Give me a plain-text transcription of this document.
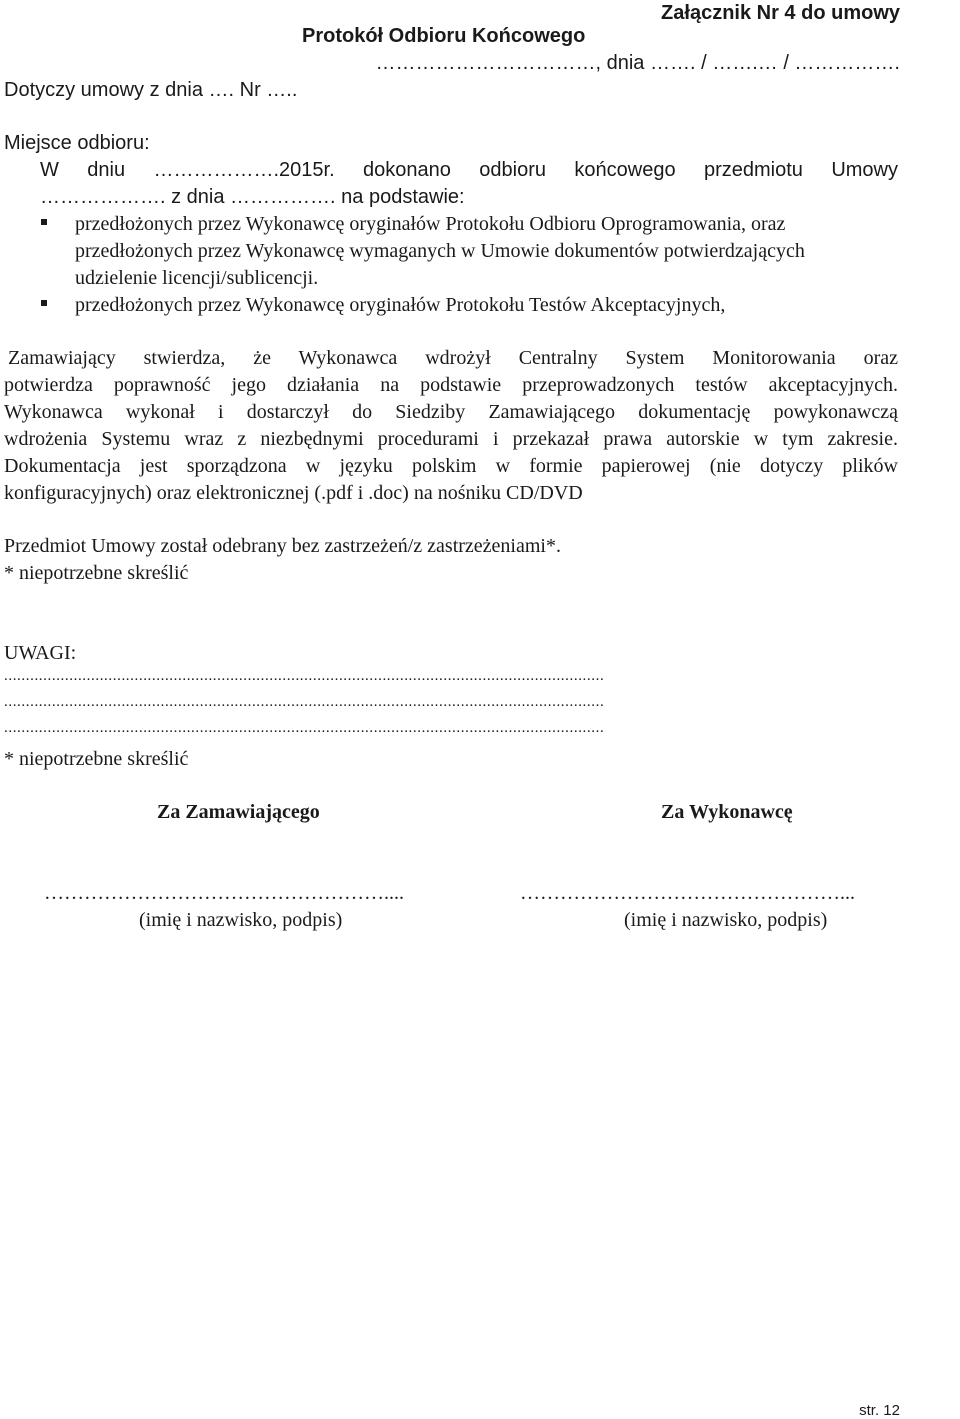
Załącznik Nr 4 do umowy
Protokół Odbioru Końcowego
……………………………, dnia ……. / …….… / …………….
Dotyczy umowy z dnia …. Nr …..
Miejsce odbioru:
W dniu ……………….2015r. dokonano odbioru końcowego przedmiotu Umowy
………………. z dnia ……………. na podstawie:
przedłożonych przez Wykonawcę oryginałów Protokołu Odbioru Oprogramowania, oraz
przedłożonych przez Wykonawcę wymaganych w Umowie dokumentów potwierdzających
udzielenie licencji/sublicencji.
przedłożonych przez Wykonawcę oryginałów Protokołu Testów Akceptacyjnych,
Zamawiający stwierdza, że Wykonawca wdrożył Centralny System Monitorowania oraz
potwierdza poprawność jego działania na podstawie przeprowadzonych testów akceptacyjnych.
Wykonawca wykonał i dostarczył do Siedziby Zamawiającego dokumentację powykonawczą
wdrożenia Systemu wraz z niezbędnymi procedurami i przekazał prawa autorskie w tym zakresie.
Dokumentacja jest sporządzona w języku polskim w formie papierowej (nie dotyczy plików
konfiguracyjnych) oraz elektronicznej (.pdf i .doc) na nośniku CD/DVD
Przedmiot Umowy został odebrany bez zastrzeżeń/z zastrzeżeniami*.
* niepotrzebne skreślić
UWAGI:
..........................................................................................................................................
..........................................................................................................................................
..........................................................................................................................................
* niepotrzebne skreślić
Za Zamawiającego	Za Wykonawcę
……………………………………………....	…………………………………………...
(imię i nazwisko, podpis)	(imię i nazwisko, podpis)
str. 12
